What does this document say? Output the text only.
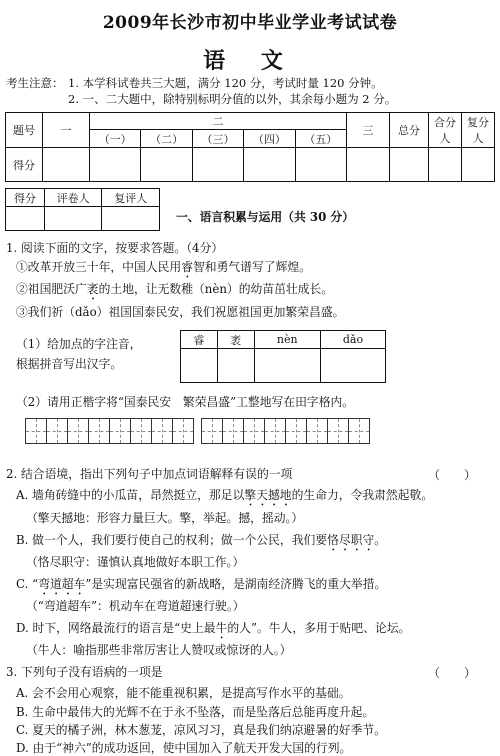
2009年长沙市初中毕业学业考试试卷
语 文
考生注意： 1. 本学科试卷共三大题，满分 120 分，考试时量 120 分钟。
2. 一、二大题中，除特别标明分值的以外，其余每小题为 2 分。
题号	一	二					三	总分	合分人	复分人
		（一）	（二）	（三）	（四）	（五）				
得分										
得分	评卷人	复评人

一、语言积累与运用（共 30 分）
1. 阅读下面的文字，按要求答题。（4分）
①改革开放三十年，中国人民用睿智和勇气谱写了辉煌。
②祖国肥沃广袤的土地，让无数稚（nèn）的幼苗茁壮成长。
③我们祈（dǎo）祖国国泰民安，我们祝愿祖国更加繁荣昌盛。
（1）给加点的字注音，
根据拼音写出汉字。
睿	袤	nèn	dǎo

（2）请用正楷字将“国泰民安　繁荣昌盛”工整地写在田字格内。
2. 结合语境，指出下列句子中加点词语解释有误的一项	（　　）
A. 墙角砖缝中的小瓜苗，昂然挺立，那足以擎天撼地的生命力，令我肃然起敬。
（擎天撼地：形容力量巨大。擎，举起。撼，摇动。）
B. 做一个人，我们要行使自己的权利；做一个公民，我们要恪尽职守。
（恪尽职守：谨慎认真地做好本职工作。）
C. “弯道超车”是实现富民强省的新战略，是湖南经济腾飞的重大举措。
（“弯道超车”：机动车在弯道超速行驶。）
D. 时下，网络最流行的语言是“史上最牛的人”。牛人，多用于贴吧、论坛。
（牛人：喻指那些非常厉害让人赞叹或惊讶的人。）
3. 下列句子没有语病的一项是	（　　）
A. 会不会用心观察，能不能重视积累，是提高写作水平的基础。
B. 生命中最伟大的光辉不在于永不坠落，而是坠落后总能再度升起。
C. 夏天的橘子洲，林木葱茏，凉风习习，真是我们纳凉避暑的好季节。
D. 由于“神六”的成功返回，使中国加入了航天开发大国的行列。
